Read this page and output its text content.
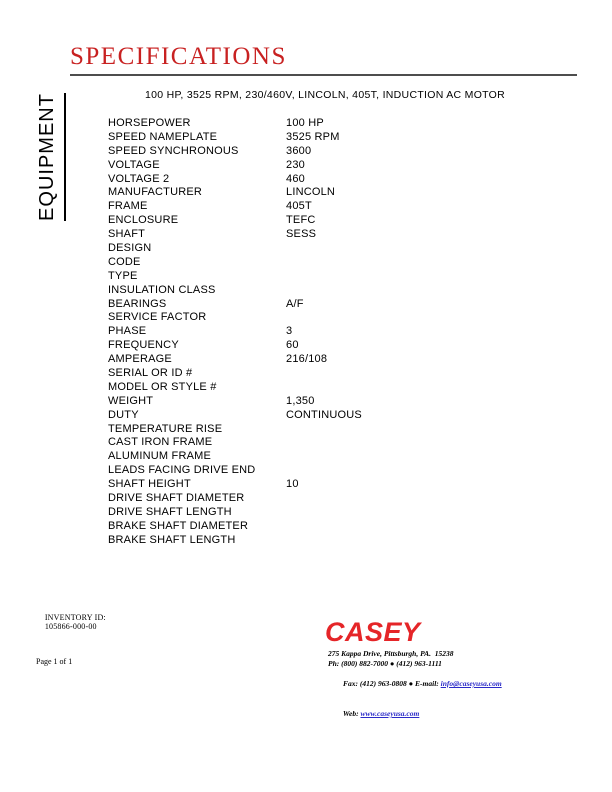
SPECIFICATIONS
100 HP, 3525 RPM, 230/460V, LINCOLN, 405T, INDUCTION AC MOTOR
EQUIPMENT	HORSEPOWER	100 HP
SPEED NAMEPLATE	3525 RPM
SPEED SYNCHRONOUS	3600
VOLTAGE	230
VOLTAGE 2	460
MANUFACTURER	LINCOLN
FRAME	405T
ENCLOSURE	TEFC
SHAFT	SESS
DESIGN
CODE
TYPE
INSULATION CLASS
BEARINGS	A/F
SERVICE FACTOR
PHASE	3
FREQUENCY	60
AMPERAGE	216/108
SERIAL OR ID #
MODEL OR STYLE #
WEIGHT	1,350
DUTY	CONTINUOUS
TEMPERATURE RISE
CAST IRON FRAME
ALUMINUM FRAME
LEADS FACING DRIVE END
SHAFT HEIGHT	10
DRIVE SHAFT DIAMETER
DRIVE SHAFT LENGTH
BRAKE SHAFT DIAMETER
BRAKE SHAFT LENGTH

INVENTORY ID:
105866-000-00

Page 1 of 1
CASEY
275 Kappa Drive, Pittsburgh, PA.  15238
Ph: (800) 882-7000 ● (412) 963-1111

Fax: (412) 963-0808 ● E-mail: info@caseyusa.com

Web: www.caseyusa.com
